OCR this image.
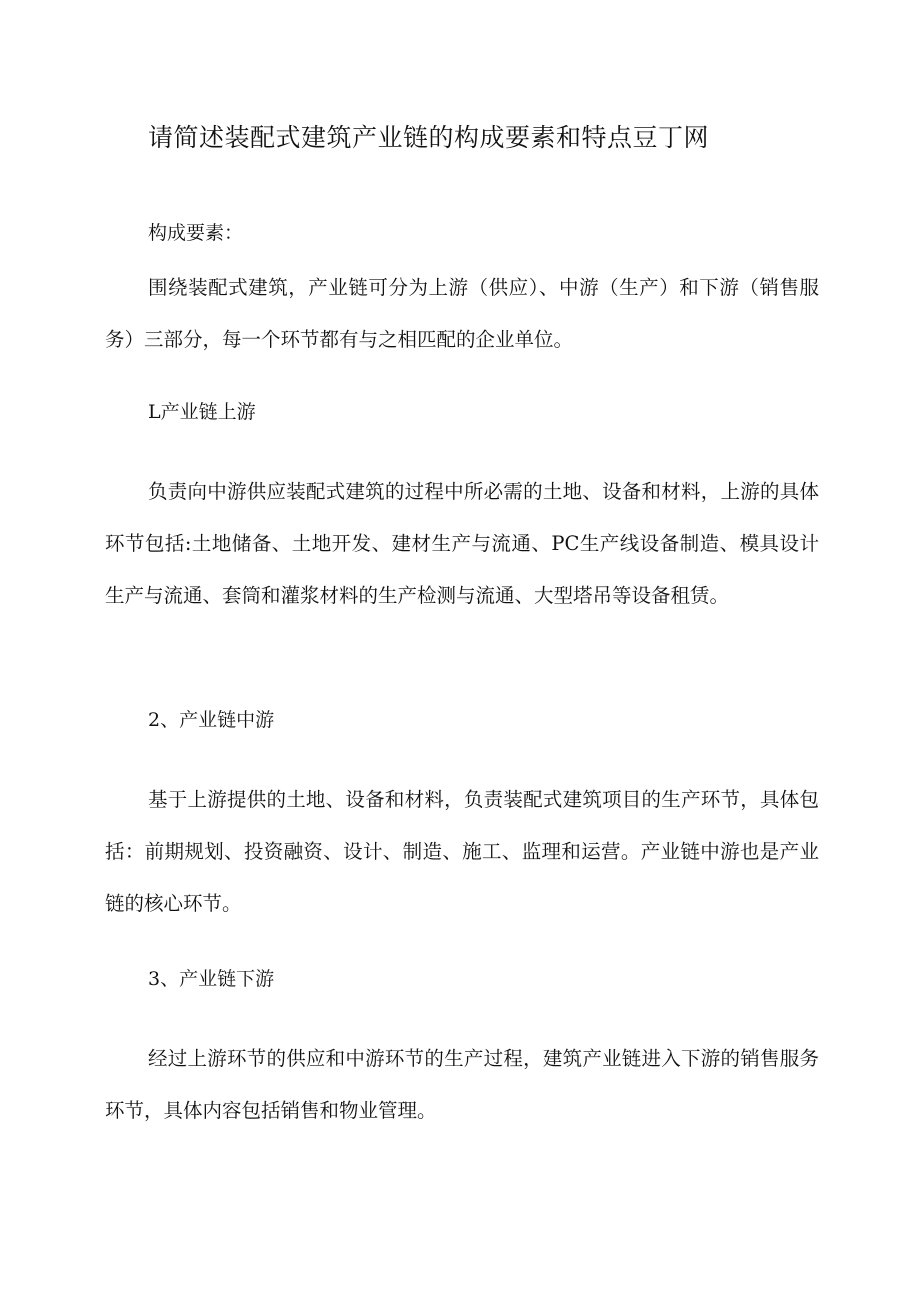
请简述装配式建筑产业链的构成要素和特点豆丁网

构成要素：

围绕装配式建筑，产业链可分为上游（供应）、中游（生产）和下游（销售服务）三部分，每一个环节都有与之相匹配的企业单位。

L产业链上游

负责向中游供应装配式建筑的过程中所必需的土地、设备和材料，上游的具体环节包括:土地储备、土地开发、建材生产与流通、PC生产线设备制造、模具设计生产与流通、套筒和灌浆材料的生产检测与流通、大型塔吊等设备租赁。

2、产业链中游

基于上游提供的土地、设备和材料，负责装配式建筑项目的生产环节，具体包括：前期规划、投资融资、设计、制造、施工、监理和运营。产业链中游也是产业链的核心环节。

3、产业链下游

经过上游环节的供应和中游环节的生产过程，建筑产业链进入下游的销售服务环节，具体内容包括销售和物业管理。
